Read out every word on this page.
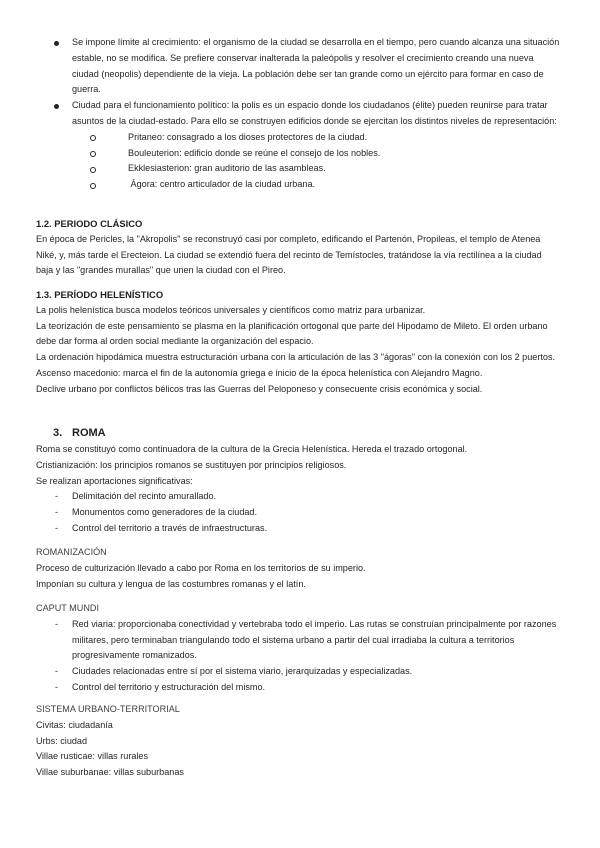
Se impone límite al crecimiento: el organismo de la ciudad se desarrolla en el tiempo, pero cuando alcanza una situación estable, no se modifica. Se prefiere conservar inalterada la paleópolis y resolver el crecimiento creando una nueva ciudad (neopolis) dependiente de la vieja. La población debe ser tan grande como un ejército para formar en caso de guerra.

Ciudad para el funcionamiento político: la polis es un espacio donde los ciudadanos (élite) pueden reunirse para tratar asuntos de la ciudad-estado. Para ello se construyen edificios donde se ejercitan los distintos niveles de representación:

Pritaneo: consagrado a los dioses protectores de la ciudad.

Bouleuterion: edificio donde se reúne el consejo de los nobles.

Ekklesiasterion: gran auditorio de las asambleas.

Ágora: centro articulador de la ciudad urbana.

1.2. PERIODO CLÁSICO

En época de Pericles, la "Akropolis" se reconstruyó casi por completo, edificando el Partenón, Propileas, el templo de Atenea Niké, y, más tarde el Erecteion. La ciudad se extendió fuera del recinto de Temístocles, tratándose la vía rectilínea a la ciudad baja y las "grandes murallas" que unen la ciudad con el Pireo.

1.3. PERÍODO HELENÍSTICO

La polis helenística busca modelos teóricos universales y científicos como matriz para urbanizar.

La teorización de este pensamiento se plasma en la planificación ortogonal que parte del Hipodamo de Mileto. El orden urbano debe dar forma al orden social mediante la organización del espacio.

La ordenación hipodámica muestra estructuración urbana con la articulación de las 3 "ágoras" con la conexión con los 2 puertos.

Ascenso macedonio: marca el fin de la autonomía griega e inicio de la época helenística con Alejandro Magno.

Declive urbano por conflictos bélicos tras las Guerras del Peloponeso y consecuente crisis económica y social.

3. ROMA

Roma se constituyó como continuadora de la cultura de la Grecia Helenística. Hereda el trazado ortogonal.

Cristianización: los principios romanos se sustituyen por principios religiosos.

Se realizan aportaciones significativas:

- Delimitación del recinto amurallado.

- Monumentos como generadores de la ciudad.

- Control del territorio a través de infraestructuras.

ROMANIZACIÓN

Proceso de culturización llevado a cabo por Roma en los territorios de su imperio.

Imponían su cultura y lengua de las costumbres romanas y el latín.

CAPUT MUNDI

- Red viaria: proporcionaba conectividad y vertebraba todo el imperio. Las rutas se construían principalmente por razones militares, pero terminaban triangulando todo el sistema urbano a partir del cual irradiaba la cultura a territorios progresivamente romanizados.

- Ciudades relacionadas entre sí por el sistema viario, jerarquizadas y especializadas.

- Control del territorio y estructuración del mismo.

SISTEMA URBANO-TERRITORIAL

Civitas: ciudadanía

Urbs: ciudad

Villae rusticae: villas rurales

Villae suburbanae: villas suburbanas
